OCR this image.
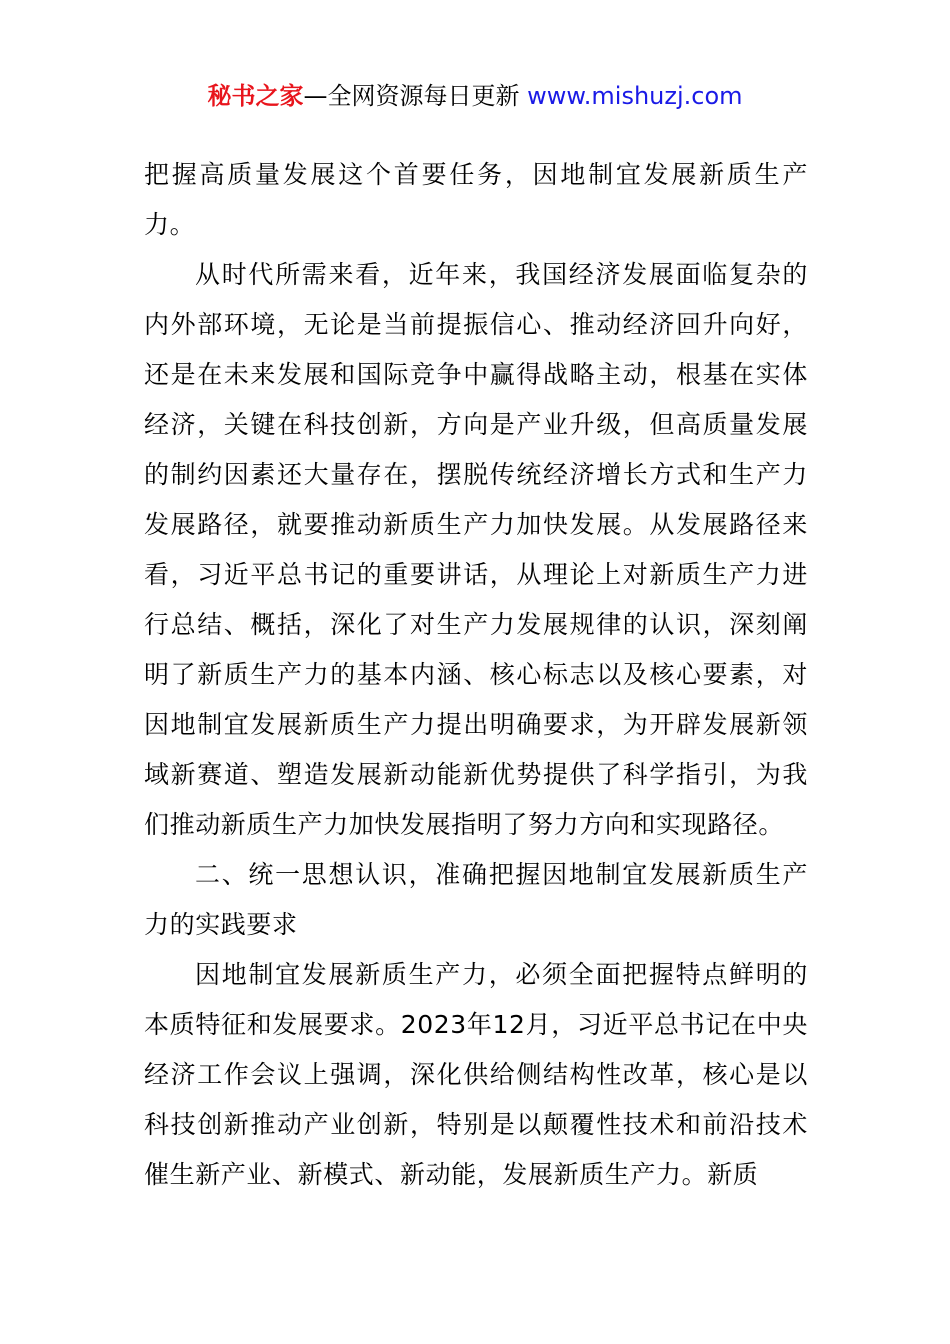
秘书之家—全网资源每日更新 www.mishuzj.com

把握高质量发展这个首要任务，因地制宜发展新质生产力。

从时代所需来看，近年来，我国经济发展面临复杂的内外部环境，无论是当前提振信心、推动经济回升向好，还是在未来发展和国际竞争中赢得战略主动，根基在实体经济，关键在科技创新，方向是产业升级，但高质量发展的制约因素还大量存在，摆脱传统经济增长方式和生产力发展路径，就要推动新质生产力加快发展。从发展路径来看，习近平总书记的重要讲话，从理论上对新质生产力进行总结、概括，深化了对生产力发展规律的认识，深刻阐明了新质生产力的基本内涵、核心标志以及核心要素，对因地制宜发展新质生产力提出明确要求，为开辟发展新领域新赛道、塑造发展新动能新优势提供了科学指引，为我们推动新质生产力加快发展指明了努力方向和实现路径。

二、统一思想认识，准确把握因地制宜发展新质生产力的实践要求

因地制宜发展新质生产力，必须全面把握特点鲜明的本质特征和发展要求。2023年12月，习近平总书记在中央经济工作会议上强调，深化供给侧结构性改革，核心是以科技创新推动产业创新，特别是以颠覆性技术和前沿技术催生新产业、新模式、新动能，发展新质生产力。新质
